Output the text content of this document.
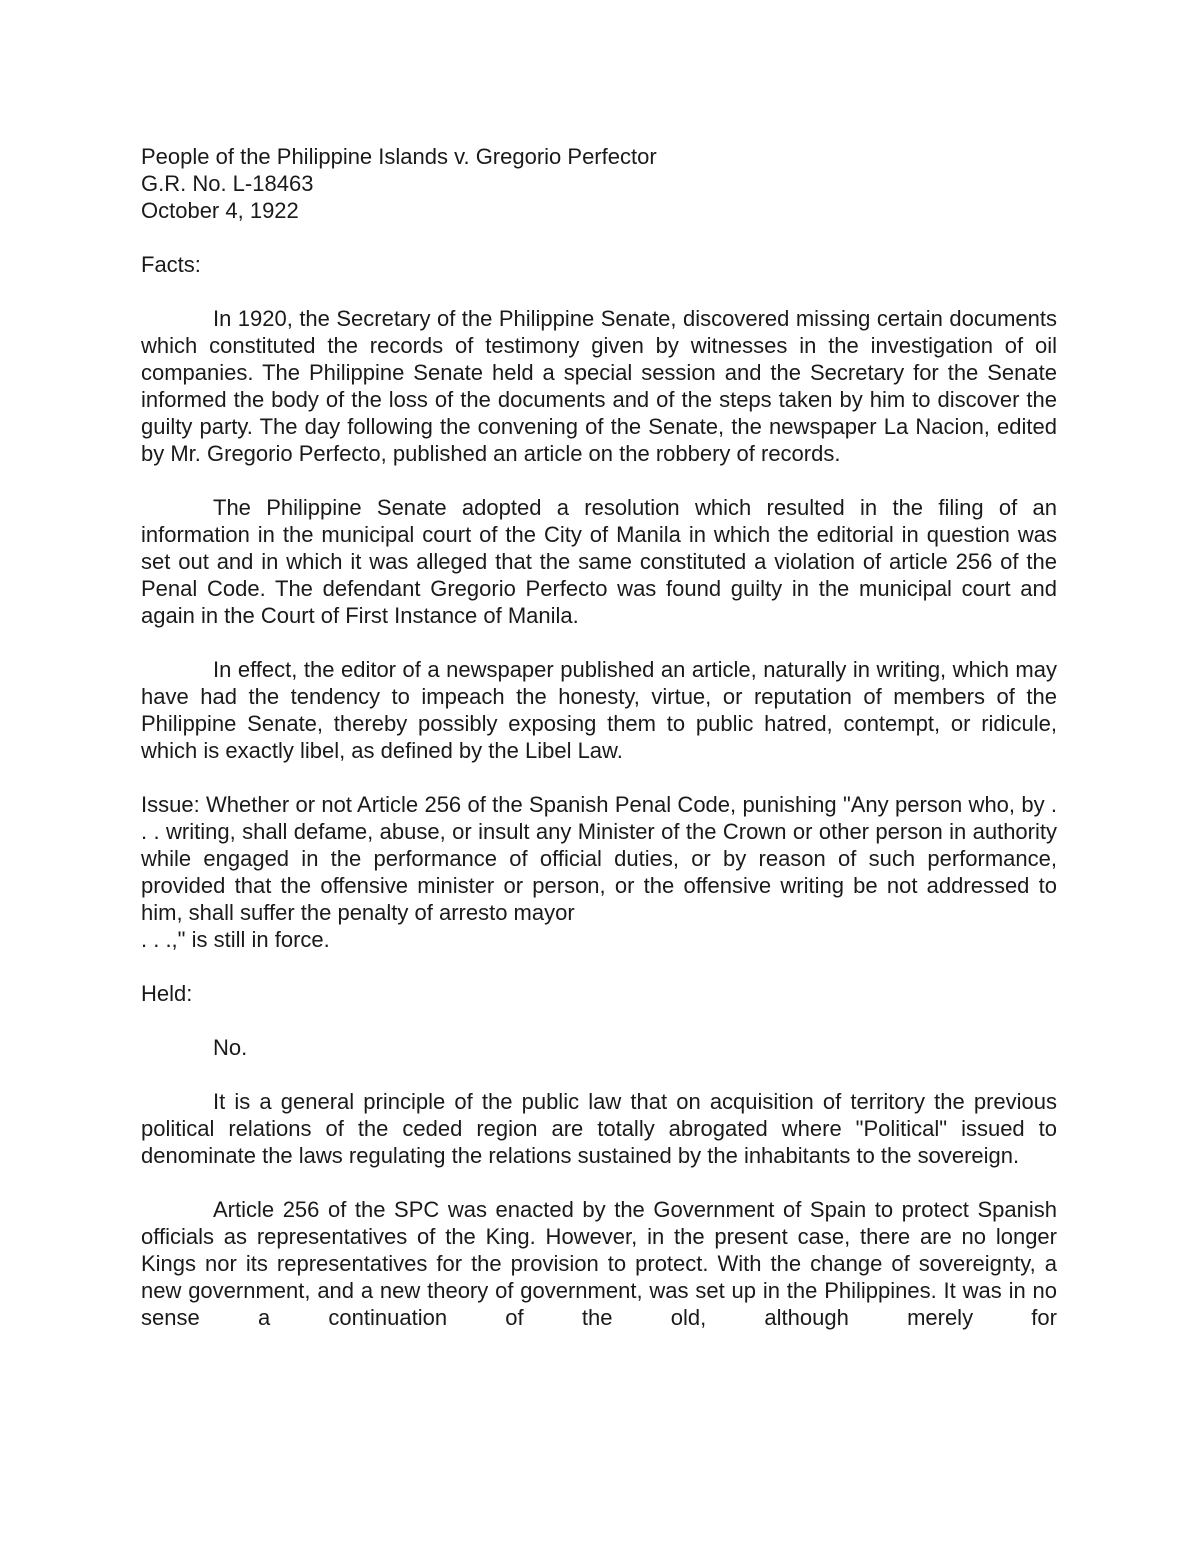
People of the Philippine Islands v. Gregorio Perfector
G.R. No. L-18463
October 4, 1922
Facts:

In 1920, the Secretary of the Philippine Senate, discovered missing certain documents which constituted the records of testimony given by witnesses in the investigation of oil companies. The Philippine Senate held a special session and the Secretary for the Senate informed the body of the loss of the documents and of the steps taken by him to discover the guilty party. The day following the convening of the Senate, the newspaper La Nacion, edited by Mr. Gregorio Perfecto, published an article on the robbery of records.

The Philippine Senate adopted a resolution which resulted in the filing of an information in the municipal court of the City of Manila in which the editorial in question was set out and in which it was alleged that the same constituted a violation of article 256 of the Penal Code. The defendant Gregorio Perfecto was found guilty in the municipal court and again in the Court of First Instance of Manila.

In effect, the editor of a newspaper published an article, naturally in writing, which may have had the tendency to impeach the honesty, virtue, or reputation of members of the Philippine Senate, thereby possibly exposing them to public hatred, contempt, or ridicule, which is exactly libel, as defined by the Libel Law.

Issue: Whether or not Article 256 of the Spanish Penal Code, punishing "Any person who, by . . . writing, shall defame, abuse, or insult any Minister of the Crown or other person in authority while engaged in the performance of official duties, or by reason of such performance, provided that the offensive minister or person, or the offensive writing be not addressed to him, shall suffer the penalty of arresto mayor
. . .," is still in force.

Held:

No.

It is a general principle of the public law that on acquisition of territory the previous political relations of the ceded region are totally abrogated where "Political" issued to denominate the laws regulating the relations sustained by the inhabitants to the sovereign.

Article 256 of the SPC was enacted by the Government of Spain to protect Spanish officials as representatives of the King. However, in the present case, there are no longer Kings nor its representatives for the provision to protect. With the change of sovereignty, a new government, and a new theory of government, was set up in the Philippines. It was in no sense a continuation of the old, although merely for
